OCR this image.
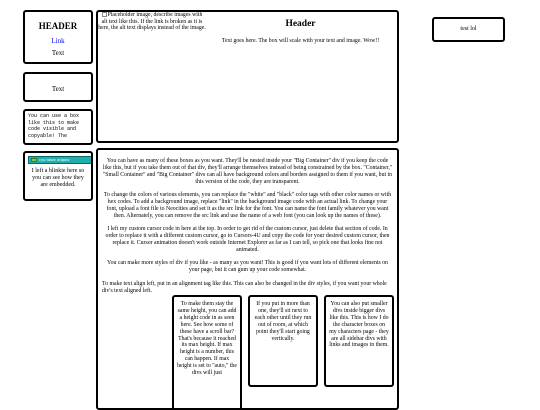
HEADER
Link
Text
Text
You can use a box like this to make code visible and copyable! The
cyo tobar atlgolo
I left a blinkie here so you can see how they are embedded.
Placeholder image, describe images with alt text like this. If the link is broken as it is here, the alt text displays instead of the image.	Header
Text goes here. The box will scale with your text and image. Wow!!
test lol

You can have as many of these boxes as you want. They'll be nested inside your "Big Container" div if you keep the code like this, but if you take them out of that div, they'll arrange themselves instead of being constrained by the box. "Container," "Small Container" and "Big Container" divs can all have background colors and borders assigned to them if you want, but in this version of the code, they are transparent.

To change the colors of various elements, you can replace the "white" and "black" color tags with other color names or with hex codes. To add a background image, replace "link" in the background image code with an actual link. To change your font, upload a font file to Neocities and set it as the src link for the font. You can name the font family whatever you want then. Alternately, you can remove the src link and use the name of a web font (you can look up the names of these).

I left my custom cursor code in here at the top. In order to get rid of the custom cursor, just delete that section of code. In order to replace it with a different custom cursor, go to Cursors-4U and copy the code for your desired custom cursor, then replace it. Cursor animation doesn't work outside Internet Explorer as far as I can tell, so pick one that looks fine not animated.

You can make more styles of div if you like - as many as you want! This is good if you want lots of different elements on your page, but it can gum up your code somewhat.

To make text align left, put in an alignment tag like this. This can also be changed in the div styles, if you want your whole div's text aligned left.

To make them stay the same height, you can add a height code in as seen here. See how some of these have a scroll bar? That's because it reached its max height. If max height is a number, this can happen. If max height is set to "auto," the divs will just
If you put in more than one, they'll sit next to each other until they run out of room, at which point they'll start going vertically.
You can also put smaller divs inside bigger divs like this. This is how I do the character boxes on my characters page - they are all sidebar divs with links and images in them.
